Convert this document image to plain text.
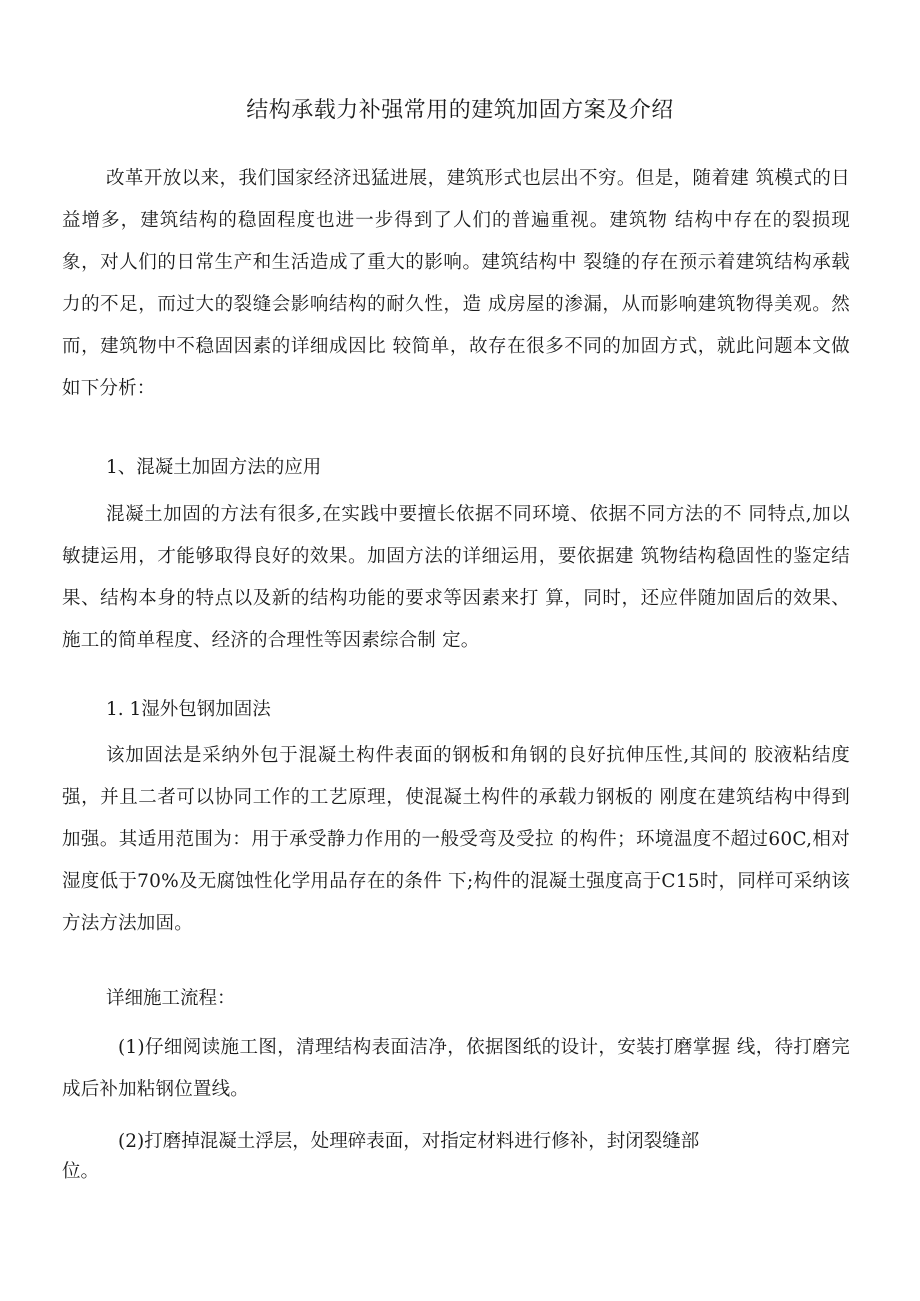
结构承载力补强常用的建筑加固方案及介绍
改革开放以来，我们国家经济迅猛进展，建筑形式也层出不穷。但是，随着建 筑模式的日益增多，建筑结构的稳固程度也进一步得到了人们的普遍重视。建筑物 结构中存在的裂损现象，对人们的日常生产和生活造成了重大的影响。建筑结构中 裂缝的存在预示着建筑结构承载力的不足，而过大的裂缝会影响结构的耐久性，造 成房屋的渗漏，从而影响建筑物得美观。然而，建筑物中不稳固因素的详细成因比 较简单，故存在很多不同的加固方式，就此问题本文做如下分析：
1、混凝土加固方法的应用
混凝土加固的方法有很多,在实践中要擅长依据不同环境、依据不同方法的不 同特点,加以敏捷运用，才能够取得良好的效果。加固方法的详细运用，要依据建 筑物结构稳固性的鉴定结果、结构本身的特点以及新的结构功能的要求等因素来打 算，同时，还应伴随加固后的效果、施工的简单程度、经济的合理性等因素综合制 定。
1. 1湿外包钢加固法
该加固法是采纳外包于混凝土构件表面的钢板和角钢的良好抗伸压性,其间的 胶液粘结度强，并且二者可以协同工作的工艺原理，使混凝土构件的承载力钢板的 刚度在建筑结构中得到加强。其适用范围为：用于承受静力作用的一般受弯及受拉 的构件；环境温度不超过60C,相对湿度低于70%及无腐蚀性化学用品存在的条件 下;构件的混凝土强度高于C15时，同样可采纳该方法方法加固。
详细施工流程：
(1)仔细阅读施工图，清理结构表面洁净，依据图纸的设计，安装打磨掌握 线，待打磨完成后补加粘钢位置线。
(2)打磨掉混凝土浮层，处理碎表面，对指定材料进行修补，封闭裂缝部
位。
